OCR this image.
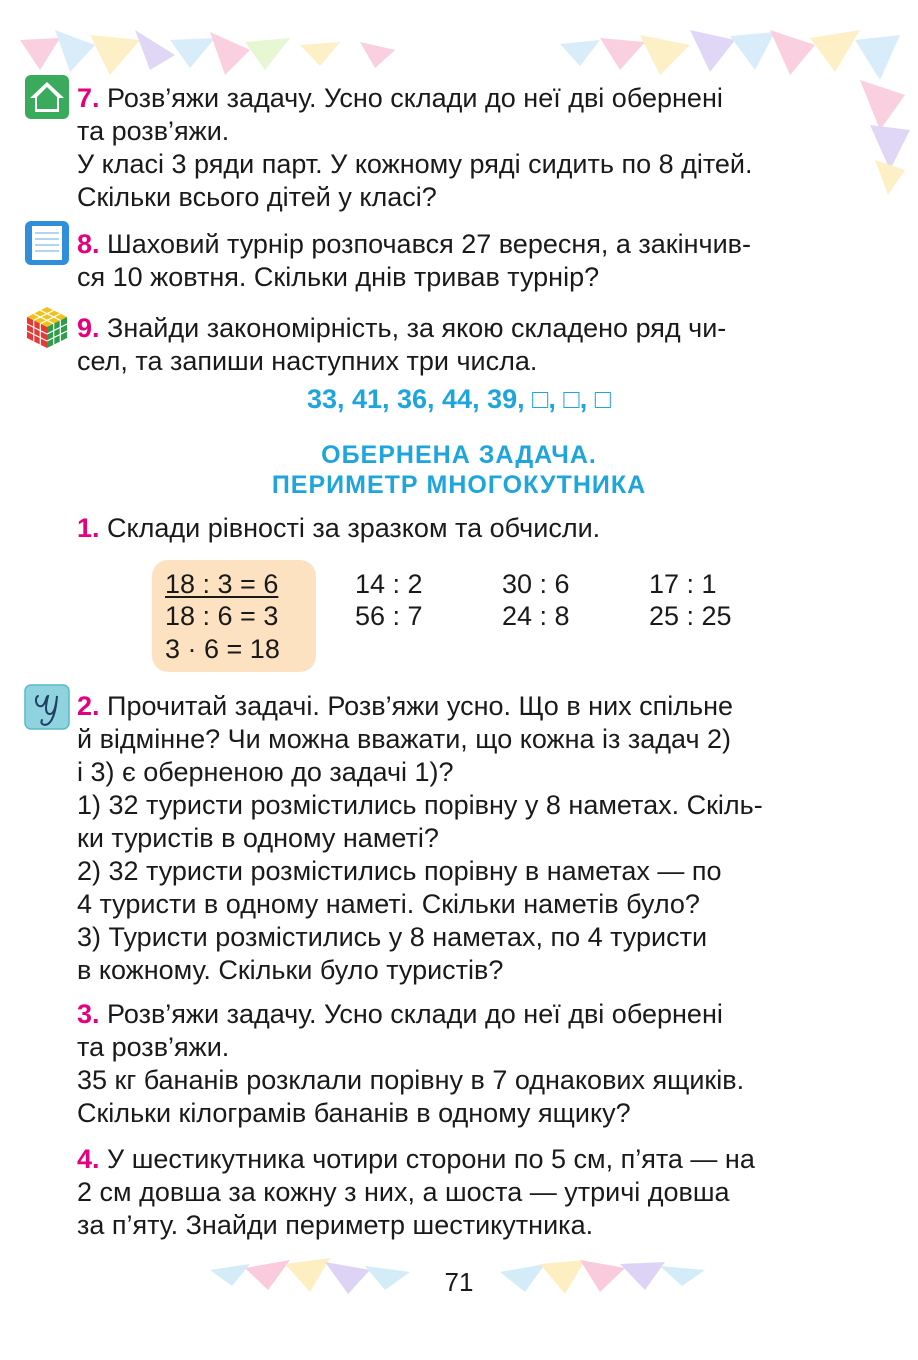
7. Розв’яжи задачу. Усно склади до неї дві обернені
та розв’яжи.
У класі 3 ряди парт. У кожному ряді сидить по 8 дітей.
Скільки всього дітей у класі?
8. Шаховий турнір розпочався 27 вересня, а закінчив-
ся 10 жовтня. Скільки днів тривав турнір?
9. Знайди закономірність, за якою складено ряд чи-
сел, та запиши наступних три числа.
33, 41, 36, 44, 39, □, □, □
ОБЕРНЕНА ЗАДАЧА.
ПЕРИМЕТР МНОГОКУТНИКА
1. Склади рівності за зразком та обчисли.
18 : 3 = 6
18 : 6 = 3
3 · 6 = 18
14 : 2
56 : 7
30 : 6
24 : 8
17 : 1
25 : 25
2. Прочитай задачі. Розв’яжи усно. Що в них спільне
й відмінне? Чи можна вважати, що кожна із задач 2)
і 3) є оберненою до задачі 1)?
1) 32 туристи розмістились порівну у 8 наметах. Скіль-
ки туристів в одному наметі?
2) 32 туристи розмістились порівну в наметах — по
4 туристи в одному наметі. Скільки наметів було?
3) Туристи розмістились у 8 наметах, по 4 туристи
в кожному. Скільки було туристів?
3. Розв’яжи задачу. Усно склади до неї дві обернені
та розв’яжи.
35 кг бананів розклали порівну в 7 однакових ящиків.
Скільки кілограмів бананів в одному ящику?
4. У шестикутника чотири сторони по 5 см, п’ята — на
2 см довша за кожну з них, а шоста — утричі довша
за п’яту. Знайди периметр шестикутника.
71
